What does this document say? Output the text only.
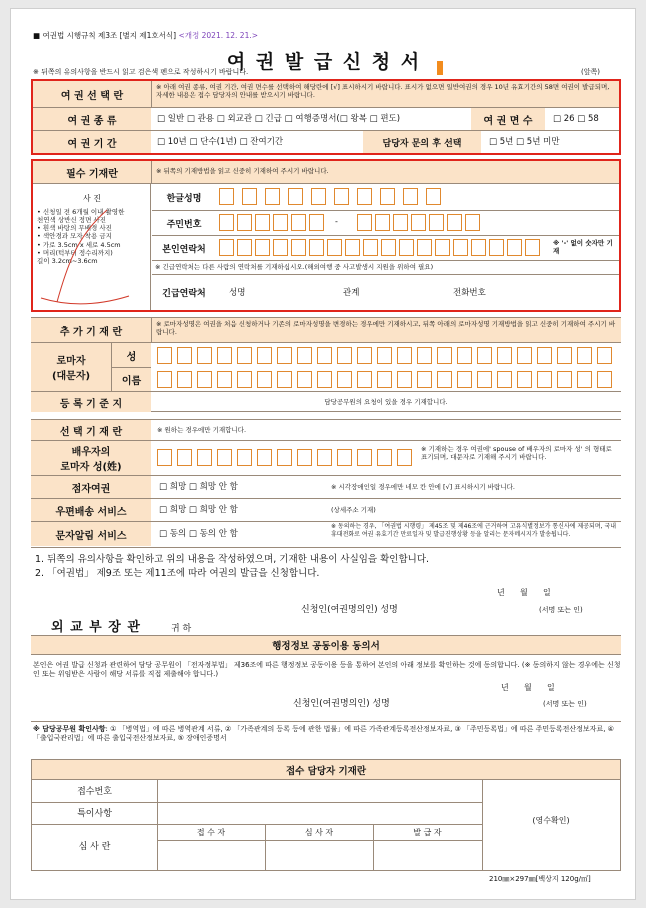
■ 여권법 시행규칙 제3조 [별지 제1호서식] <개정 2021. 12. 21.>
여 권 발 급 신 청 서
※ 뒤쪽의 유의사항을 반드시 읽고 검은색 펜으로 작성하시기 바랍니다.	(앞쪽)
여 권 선 택 란
※ 아래 여권 종류, 여권 기간, 여권 면수를 선택하여 해당란에 [√] 표시하시기 바랍니다. 표시가 없으면 일반여권의 경우 10년 유효기간의 58면 여권이 발급되며, 자세한 내용은 접수 담당자의 안내를 받으시기 바랍니다.
여 권 종 류	□ 일반 □ 관용 □ 외교관 □ 긴급 □ 여행증명서(□ 왕복 □ 편도)	여 권 면 수	□ 26 □ 58
여 권 기 간	□ 10년 □ 단수(1년) □ 잔여기간	담당자 문의 후 선택	□ 5년 □ 5년 미만
필수 기재란	※ 뒤쪽의 기재방법을 읽고 신중히 기재하여 주시기 바랍니다.
사 진
• 신청일 전 6개월 이내 촬영한
천연색 상반신 정면 사진
• 흰색 바탕의 무배경 사진
• 색안경과 모자 착용 금지
• 가로 3.5cm x 세로 4.5cm
• 머리(턱부터 정수리까지)
길이 3.2cm~3.6cm
한글성명
주민번호	-
본인연락처
※ '-' 없이 숫자만 기재
※ 긴급연락처는 다른 사람의 연락처를 기재하십시오.(해외여행 중 사고발생시 지원을 위하여 필요)
긴급연락처	성명	관계	전화번호
추 가 기 재 란
※ 로마자성명은 여권을 처음 신청하거나 기존의 로마자성명을 변경하는 경우에만 기재하시고, 뒤쪽 아래의 로마자성명 기재방법을 읽고 신중히 기재하여 주시기 바랍니다.
로마자
(대문자)
성
이름
등 록 기 준 지	담당공무원의 요청이 있을 경우 기재합니다.
선 택 기 재 란	※ 원하는 경우에만 기재합니다.
배우자의
로마자 성(姓)
※ 기재하는 경우 여권에' spouse of 배우자의 로마자 성' 의 형태로 표기되며, 대문자로 기재해 주시기 바랍니다.
점자여권	□ 희망 □ 희망 안 함	※ 시각장애인일 경우에만 네모 칸 안에 [√] 표시하시기 바랍니다.
우편배송 서비스	□ 희망 □ 희망 안 함	(상세주소 기재)
문자알림 서비스	□ 동의 □ 동의 안 함
※ 동의하는 경우, 「여권법 시행령」 제45조 및 제46조에 근거하여 고유식별정보가 통신사에 제공되며, 국내 휴대전화로 여권 유효기간 만료일자 및 발급진행상황 등을 알리는 문자메시지가 발송됩니다.
1. 뒤쪽의 유의사항을 확인하고 위의 내용을 작성하였으며, 기재한 내용이 사실임을 확인합니다.
2. 「여권법」 제9조 또는 제11조에 따라 여권의 발급을 신청합니다.
년      월      일
신청인(여권명의인) 성명	(서명 또는 인)
외 교 부 장 관	귀 하
행정정보 공동이용 동의서
본인은 여권 발급 신청과 관련하여 담당 공무원이 「전자정부법」 제36조에 따른 행정정보 공동이용 등을 통하여 본인의 아래 정보를 확인하는 것에 동의합니다. (※ 동의하지 않는 경우에는 신청인 또는 위임받은 사람이 해당 서류를 직접 제출해야 합니다.)
년      월      일
신청인(여권명의인) 성명	(서명 또는 인)
※ 담당공무원 확인사항: ① 「병역법」에 따른 병역관계 서류, ② 「가족관계의 등록 등에 관한 법률」에 따른 가족관계등록전산정보자료, ③ 「주민등록법」에 따른 주민등록전산정보자료, ④ 「출입국관리법」에 따른 출입국전산정보자료, ⑤ 장애인증명서
접수 담당자 기재란
접수번호
특이사항
심 사 란
접 수 자	심 사 자	발 급 자
(영수확인)
210㎜×297㎜[백상지 120g/㎡]
